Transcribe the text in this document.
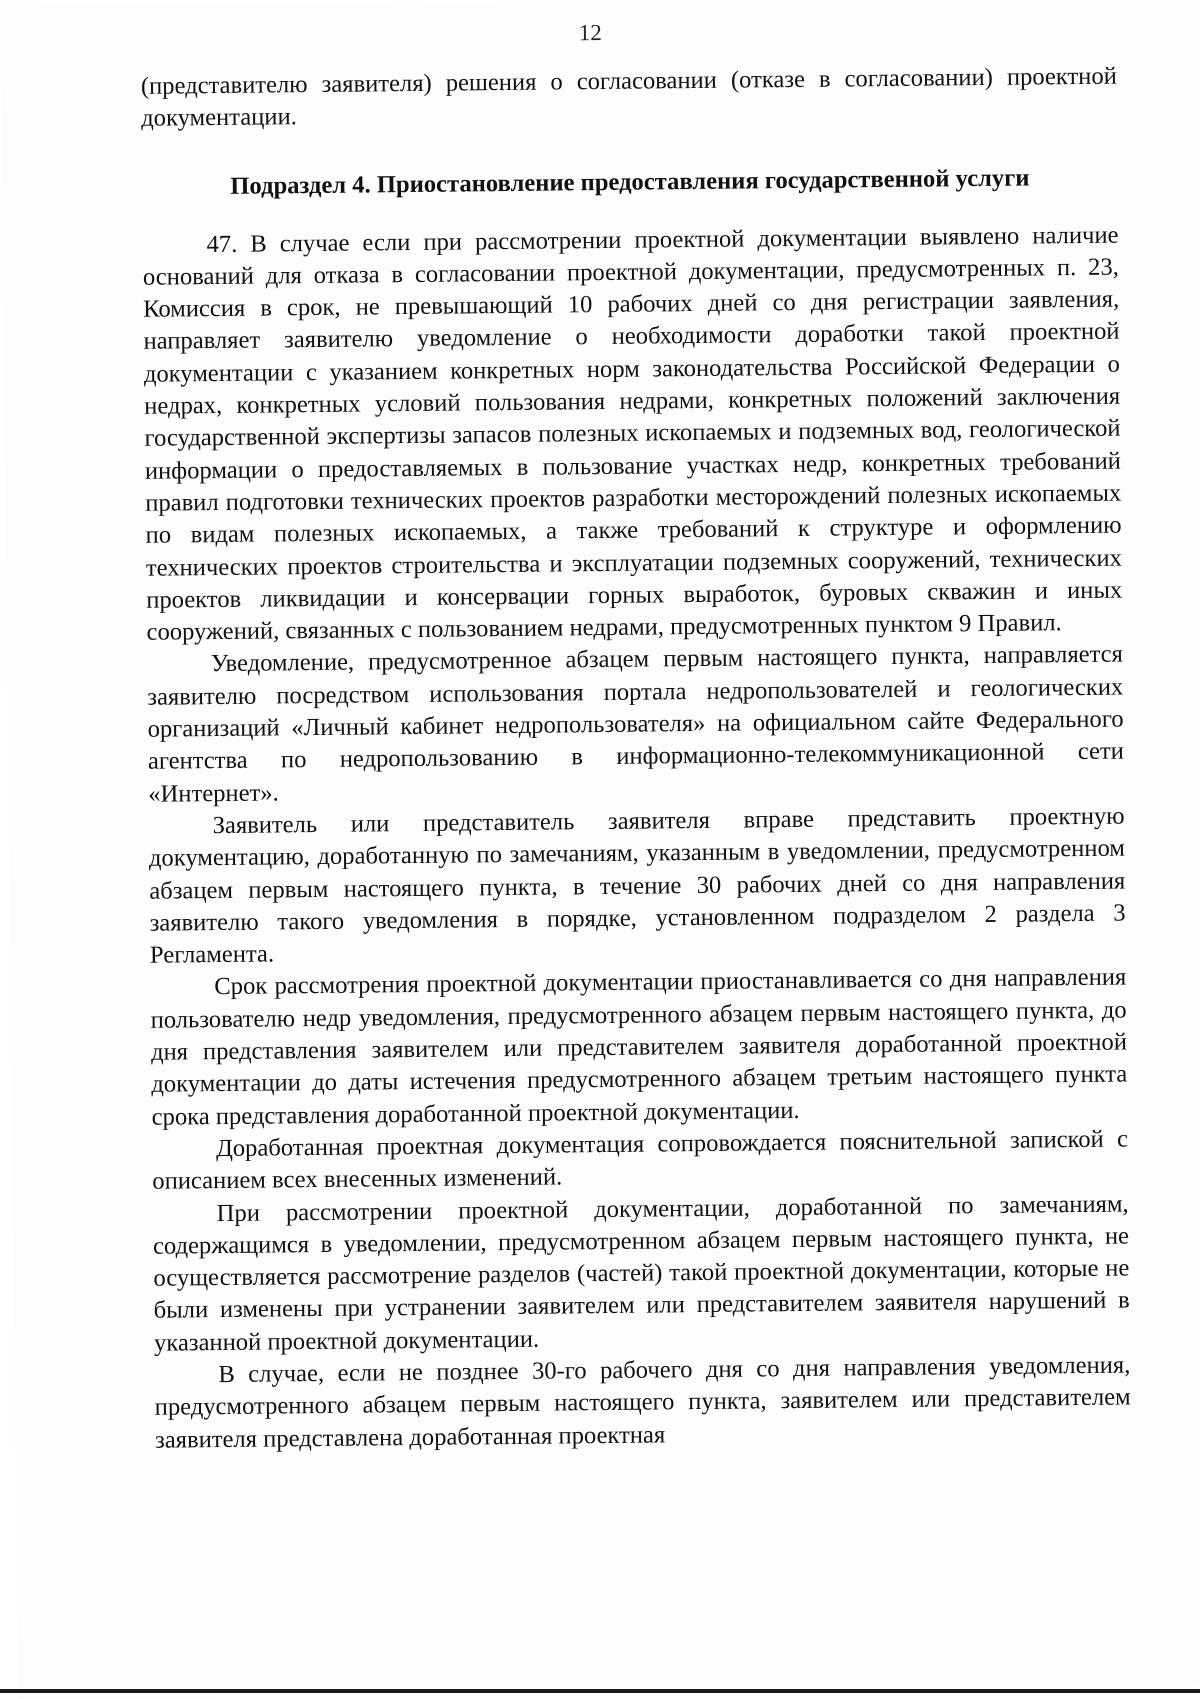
12

(представителю заявителя) решения о согласовании (отказе в согласовании) проектной документации.

Подраздел 4. Приостановление предоставления государственной услуги

47. В случае если при рассмотрении проектной документации выявлено наличие оснований для отказа в согласовании проектной документации, предусмотренных п. 23, Комиссия в срок, не превышающий 10 рабочих дней со дня регистрации заявления, направляет заявителю уведомление о необходимости доработки такой проектной документации с указанием конкретных норм законодательства Российской Федерации о недрах, конкретных условий пользования недрами, конкретных положений заключения государственной экспертизы запасов полезных ископаемых и подземных вод, геологической информации о предоставляемых в пользование участках недр, конкретных требований правил подготовки технических проектов разработки месторождений полезных ископаемых по видам полезных ископаемых, а также требований к структуре и оформлению технических проектов строительства и эксплуатации подземных сооружений, технических проектов ликвидации и консервации горных выработок, буровых скважин и иных сооружений, связанных с пользованием недрами, предусмотренных пунктом 9 Правил.

Уведомление, предусмотренное абзацем первым настоящего пункта, направляется заявителю посредством использования портала недропользователей и геологических организаций «Личный кабинет недропользователя» на официальном сайте Федерального агентства по недропользованию в информационно-телекоммуникационной сети «Интернет».

Заявитель или представитель заявителя вправе представить проектную документацию, доработанную по замечаниям, указанным в уведомлении, предусмотренном абзацем первым настоящего пункта, в течение 30 рабочих дней со дня направления заявителю такого уведомления в порядке, установленном подразделом 2 раздела 3 Регламента.

Срок рассмотрения проектной документации приостанавливается со дня направления пользователю недр уведомления, предусмотренного абзацем первым настоящего пункта, до дня представления заявителем или представителем заявителя доработанной проектной документации до даты истечения предусмотренного абзацем третьим настоящего пункта срока представления доработанной проектной документации.

Доработанная проектная документация сопровождается пояснительной запиской с описанием всех внесенных изменений.

При рассмотрении проектной документации, доработанной по замечаниям, содержащимся в уведомлении, предусмотренном абзацем первым настоящего пункта, не осуществляется рассмотрение разделов (частей) такой проектной документации, которые не были изменены при устранении заявителем или представителем заявителя нарушений в указанной проектной документации.

В случае, если не позднее 30-го рабочего дня со дня направления уведомления, предусмотренного абзацем первым настоящего пункта, заявителем или представителем заявителя представлена доработанная проектная
